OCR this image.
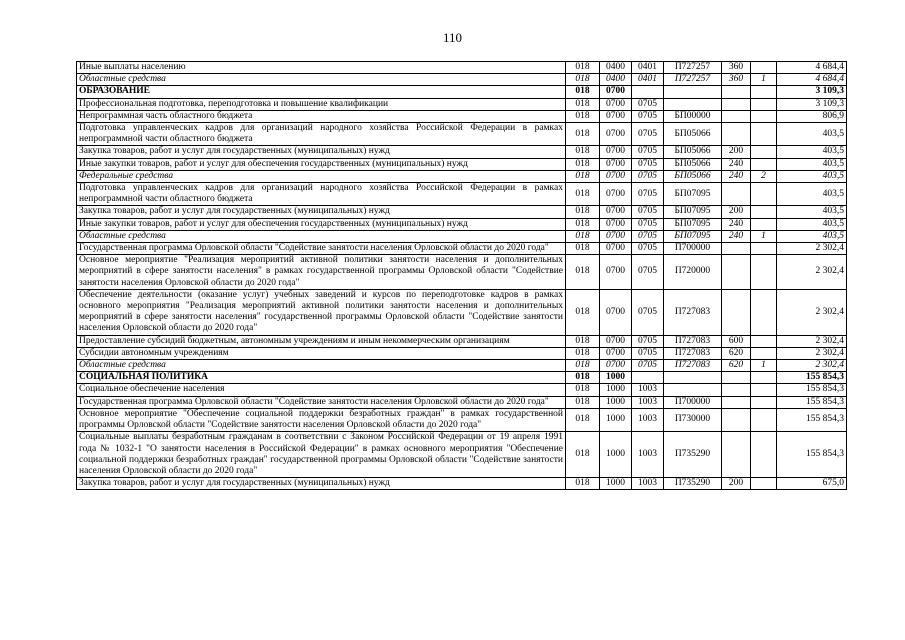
110
Иные выплаты населению	018	0400	0401	П727257	360		4 684,4
Областные средства	018	0400	0401	П727257	360	1	4 684,4
ОБРАЗОВАНИЕ	018	0700					3 109,3
Профессиональная подготовка, переподготовка и повышение квалификации	018	0700	0705				3 109,3
Непрограммная часть областного бюджета	018	0700	0705	БП00000			806,9
Подготовка управленческих кадров для организаций народного хозяйства Российской Федерации в рамках непрограммной части областного бюджета	018	0700	0705	БП05066			403,5
Закупка товаров, работ и услуг для государственных (муниципальных) нужд	018	0700	0705	БП05066	200		403,5
Иные закупки товаров, работ и услуг для обеспечения государственных (муниципальных) нужд	018	0700	0705	БП05066	240		403,5
Федеральные средства	018	0700	0705	БП05066	240	2	403,5
Подготовка управленческих кадров для организаций народного хозяйства Российской Федерации в рамках непрограммной части областного бюджета	018	0700	0705	БП07095			403,5
Закупка товаров, работ и услуг для государственных (муниципальных) нужд	018	0700	0705	БП07095	200		403,5
Иные закупки товаров, работ и услуг для обеспечения государственных (муниципальных) нужд	018	0700	0705	БП07095	240		403,5
Областные средства	018	0700	0705	БП07095	240	1	403,5
Государственная программа Орловской области "Содействие занятости населения Орловской области до 2020 года"	018	0700	0705	П700000			2 302,4
Основное мероприятие "Реализация мероприятий активной политики занятости населения и дополнительных мероприятий в сфере занятости населения" в рамках государственной программы Орловской области "Содействие занятости населения Орловской области до 2020 года"	018	0700	0705	П720000			2 302,4
Обеспечение деятельности (оказание услуг) учебных заведений и курсов по переподготовке кадров в рамках основного мероприятия "Реализация мероприятий активной политики занятости населения и дополнительных мероприятий в сфере занятости населения" государственной программы Орловской области "Содействие занятости населения Орловской области до 2020 года"	018	0700	0705	П727083			2 302,4
Предоставление субсидий бюджетным, автономным учреждениям и иным некоммерческим организациям	018	0700	0705	П727083	600		2 302,4
Субсидии автономным учреждениям	018	0700	0705	П727083	620		2 302,4
Областные средства	018	0700	0705	П727083	620	1	2 302,4
СОЦИАЛЬНАЯ ПОЛИТИКА	018	1000					155 854,3
Социальное обеспечение населения	018	1000	1003				155 854,3
Государственная программа Орловской области "Содействие занятости населения Орловской области до 2020 года"	018	1000	1003	П700000			155 854,3
Основное мероприятие "Обеспечение социальной поддержки безработных граждан" в рамках государственной программы Орловской области "Содействие занятости населения Орловской области до 2020 года"	018	1000	1003	П730000			155 854,3
Социальные выплаты безработным гражданам в соответствии с Законом Российской Федерации от 19 апреля 1991 года № 1032-1 "О занятости населения в Российской Федерации" в рамках основного мероприятия "Обеспечение социальной поддержки безработных граждан" государственной программы Орловской области "Содействие занятости населения Орловской области до 2020 года"	018	1000	1003	П735290			155 854,3
Закупка товаров, работ и услуг для государственных (муниципальных) нужд	018	1000	1003	П735290	200		675,0
